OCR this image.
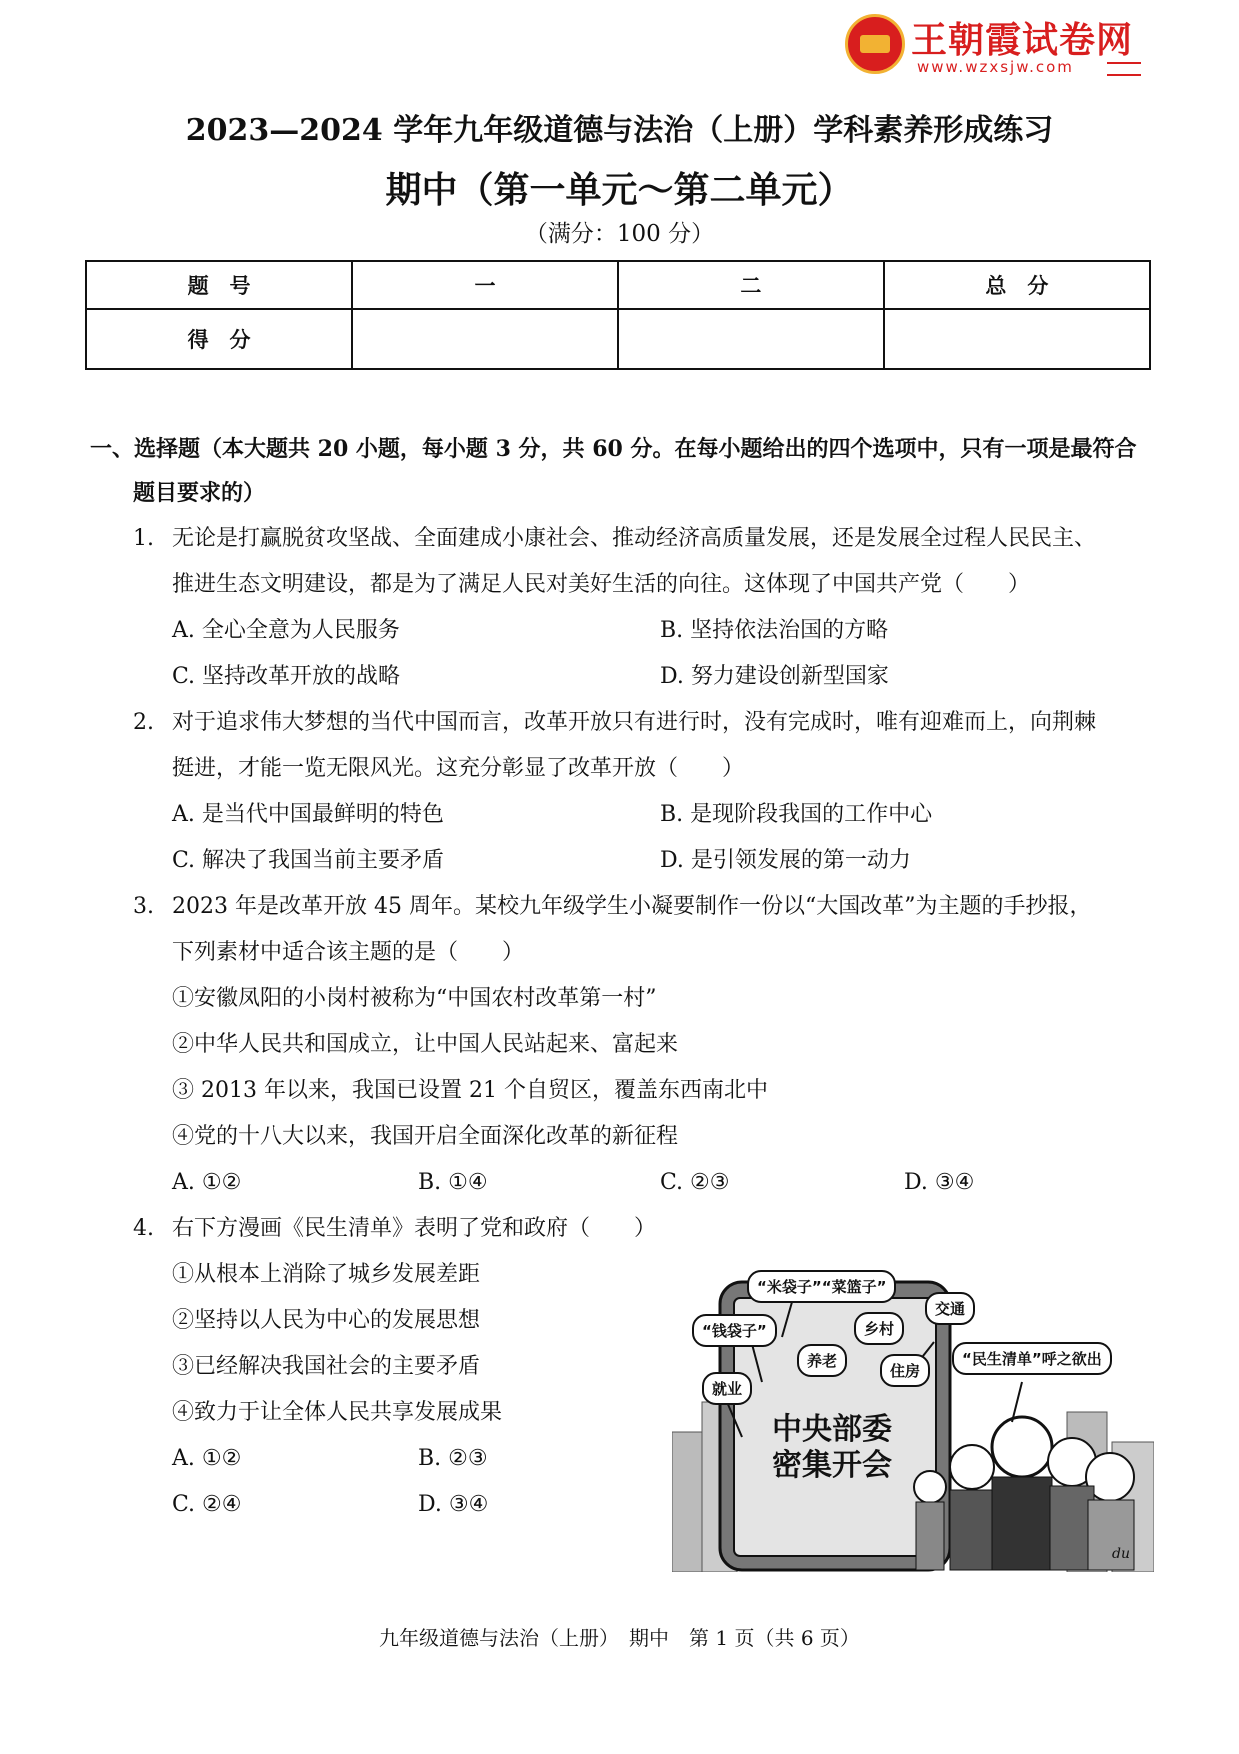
王朝霞试卷网
www.wzxsjw.com
2023—2024 学年九年级道德与法治（上册）学科素养形成练习
期中（第一单元～第二单元）
（满分：100 分）
题　号	一	二	总　分
得　分			
一、选择题（本大题共 20 小题，每小题 3 分，共 60 分。在每小题给出的四个选项中，只有一项是最符合
题目要求的）
1. 无论是打赢脱贫攻坚战、全面建成小康社会、推动经济高质量发展，还是发展全过程人民民主、
推进生态文明建设，都是为了满足人民对美好生活的向往。这体现了中国共产党（　　）
A. 全心全意为人民服务	B. 坚持依法治国的方略
C. 坚持改革开放的战略	D. 努力建设创新型国家
2. 对于追求伟大梦想的当代中国而言，改革开放只有进行时，没有完成时，唯有迎难而上，向荆棘
挺进，才能一览无限风光。这充分彰显了改革开放（　　）
A. 是当代中国最鲜明的特色	B. 是现阶段我国的工作中心
C. 解决了我国当前主要矛盾	D. 是引领发展的第一动力
3. 2023 年是改革开放 45 周年。某校九年级学生小凝要制作一份以“大国改革”为主题的手抄报，
下列素材中适合该主题的是（　　）
①安徽凤阳的小岗村被称为“中国农村改革第一村”
②中华人民共和国成立，让中国人民站起来、富起来
③ 2013 年以来，我国已设置 21 个自贸区，覆盖东西南北中
④党的十八大以来，我国开启全面深化改革的新征程
A. ①②	B. ①④	C. ②③	D. ③④
4. 右下方漫画《民生清单》表明了党和政府（　　）
①从根本上消除了城乡发展差距
②坚持以人民为中心的发展思想
③已经解决我国社会的主要矛盾
④致力于让全体人民共享发展成果
A. ①②	B. ②③
C. ②④	D. ③④
“米袋子”“菜篮子”
交通
“钱袋子”	乡村
养老
住房
“民生清单”呼之欲出
就业
中央部委
密集开会
du
九年级道德与法治（上册）　期中　第 1 页（共 6 页）
